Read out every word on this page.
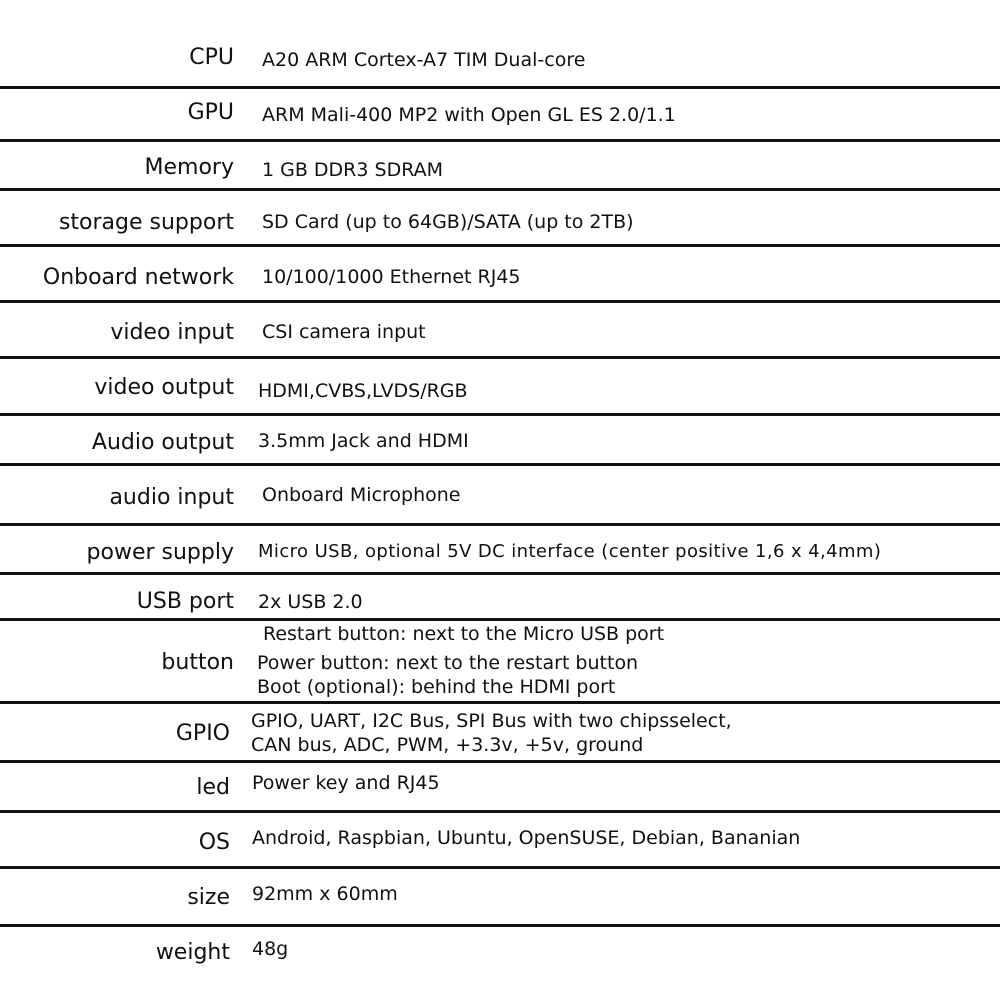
CPU A20 ARM Cortex-A7 TIM Dual-core
GPU ARM Mali-400 MP2 with Open GL ES 2.0/1.1
Memory 1 GB DDR3 SDRAM
storage support SD Card (up to 64GB)/SATA (up to 2TB)
Onboard network 10/100/1000 Ethernet RJ45
video input CSI camera input
video output HDMI,CVBS,LVDS/RGB
Audio output 3.5mm Jack and HDMI
audio input Onboard Microphone
power supply Micro USB, optional 5V DC interface (center positive 1,6 x 4,4mm)
USB port 2x USB 2.0
button
Restart button: next to the Micro USB port
Power button: next to the restart button
Boot (optional): behind the HDMI port
GPIO GPIO, UART, I2C Bus, SPI Bus with two chipsselect,
CAN bus, ADC, PWM, +3.3v, +5v, ground
led Power key and RJ45
OS Android, Raspbian, Ubuntu, OpenSUSE, Debian, Bananian
size 92mm x 60mm
weight 48g
